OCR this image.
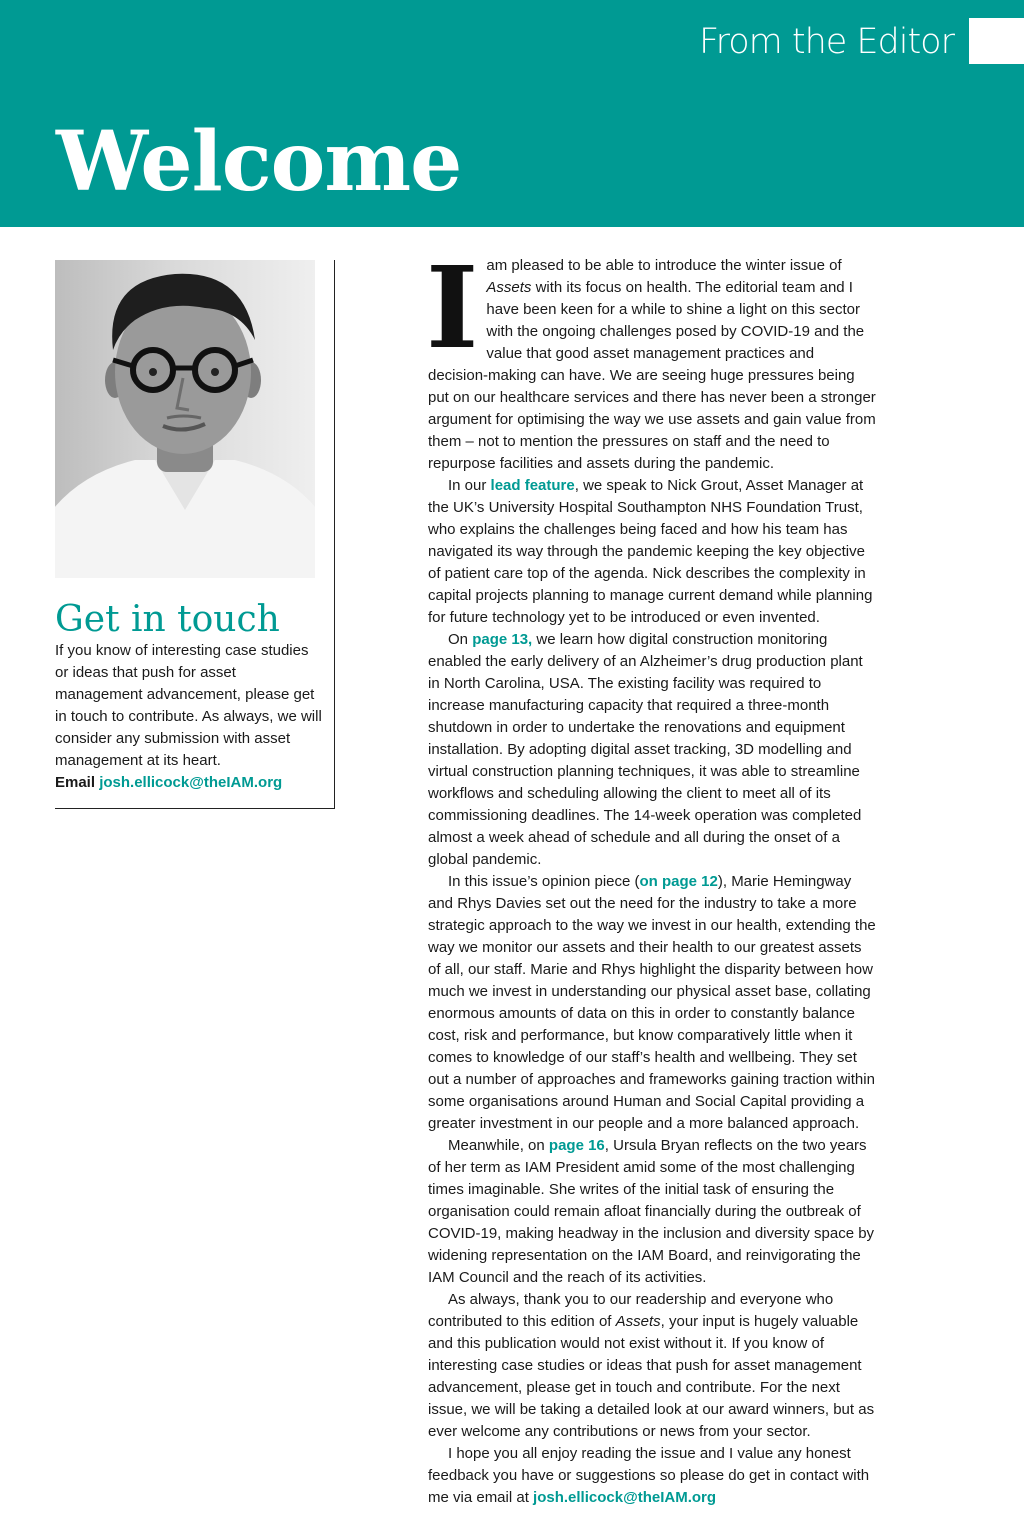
From the Editor
Welcome
Get in touch
If you know of interesting case studies or ideas that push for asset management advancement, please get in touch to contribute. As always, we will consider any submission with asset management at its heart.
Email josh.ellicock@theIAM.org

Iam pleased to be able to introduce the winter issue of Assets with its focus on health. The editorial team and I have been keen for a while to shine a light on this sector with the ongoing challenges posed by COVID-19 and the value that good asset management practices and decision-making can have. We are seeing huge pressures being put on our healthcare services and there has never been a stronger argument for optimising the way we use assets and gain value from them – not to mention the pressures on staff and the need to repurpose facilities and assets during the pandemic.

In our lead feature, we speak to Nick Grout, Asset Manager at the UK’s University Hospital Southampton NHS Foundation Trust, who explains the challenges being faced and how his team has navigated its way through the pandemic keeping the key objective of patient care top of the agenda. Nick describes the complexity in capital projects planning to manage current demand while planning for future technology yet to be introduced or even invented.

On page 13, we learn how digital construction monitoring enabled the early delivery of an Alzheimer’s drug production plant in North Carolina, USA. The existing facility was required to increase manufacturing capacity that required a three-month shutdown in order to undertake the renovations and equipment installation. By adopting digital asset tracking, 3D modelling and virtual construction planning techniques, it was able to streamline workflows and scheduling allowing the client to meet all of its commissioning deadlines. The 14-week operation was completed almost a week ahead of schedule and all during the onset of a global pandemic.

In this issue’s opinion piece (on page 12), Marie Hemingway and Rhys Davies set out the need for the industry to take a more strategic approach to the way we invest in our health, extending the way we monitor our assets and their health to our greatest assets of all, our staff. Marie and Rhys highlight the disparity between how much we invest in understanding our physical asset base, collating enormous amounts of data on this in order to constantly balance cost, risk and performance, but know comparatively little when it comes to knowledge of our staff’s health and wellbeing. They set out a number of approaches and frameworks gaining traction within some organisations around Human and Social Capital providing a greater investment in our people and a more balanced approach.

Meanwhile, on page 16, Ursula Bryan reflects on the two years of her term as IAM President amid some of the most challenging times imaginable. She writes of the initial task of ensuring the organisation could remain afloat financially during the outbreak of COVID-19, making headway in the inclusion and diversity space by widening representation on the IAM Board, and reinvigorating the IAM Council and the reach of its activities.

As always, thank you to our readership and everyone who contributed to this edition of Assets, your input is hugely valuable and this publication would not exist without it. If you know of interesting case studies or ideas that push for asset management advancement, please get in touch and contribute. For the next issue, we will be taking a detailed look at our award winners, but as ever welcome any contributions or news from your sector.

I hope you all enjoy reading the issue and I value any honest feedback you have or suggestions so please do get in contact with me via email at josh.ellicock@theIAM.org
